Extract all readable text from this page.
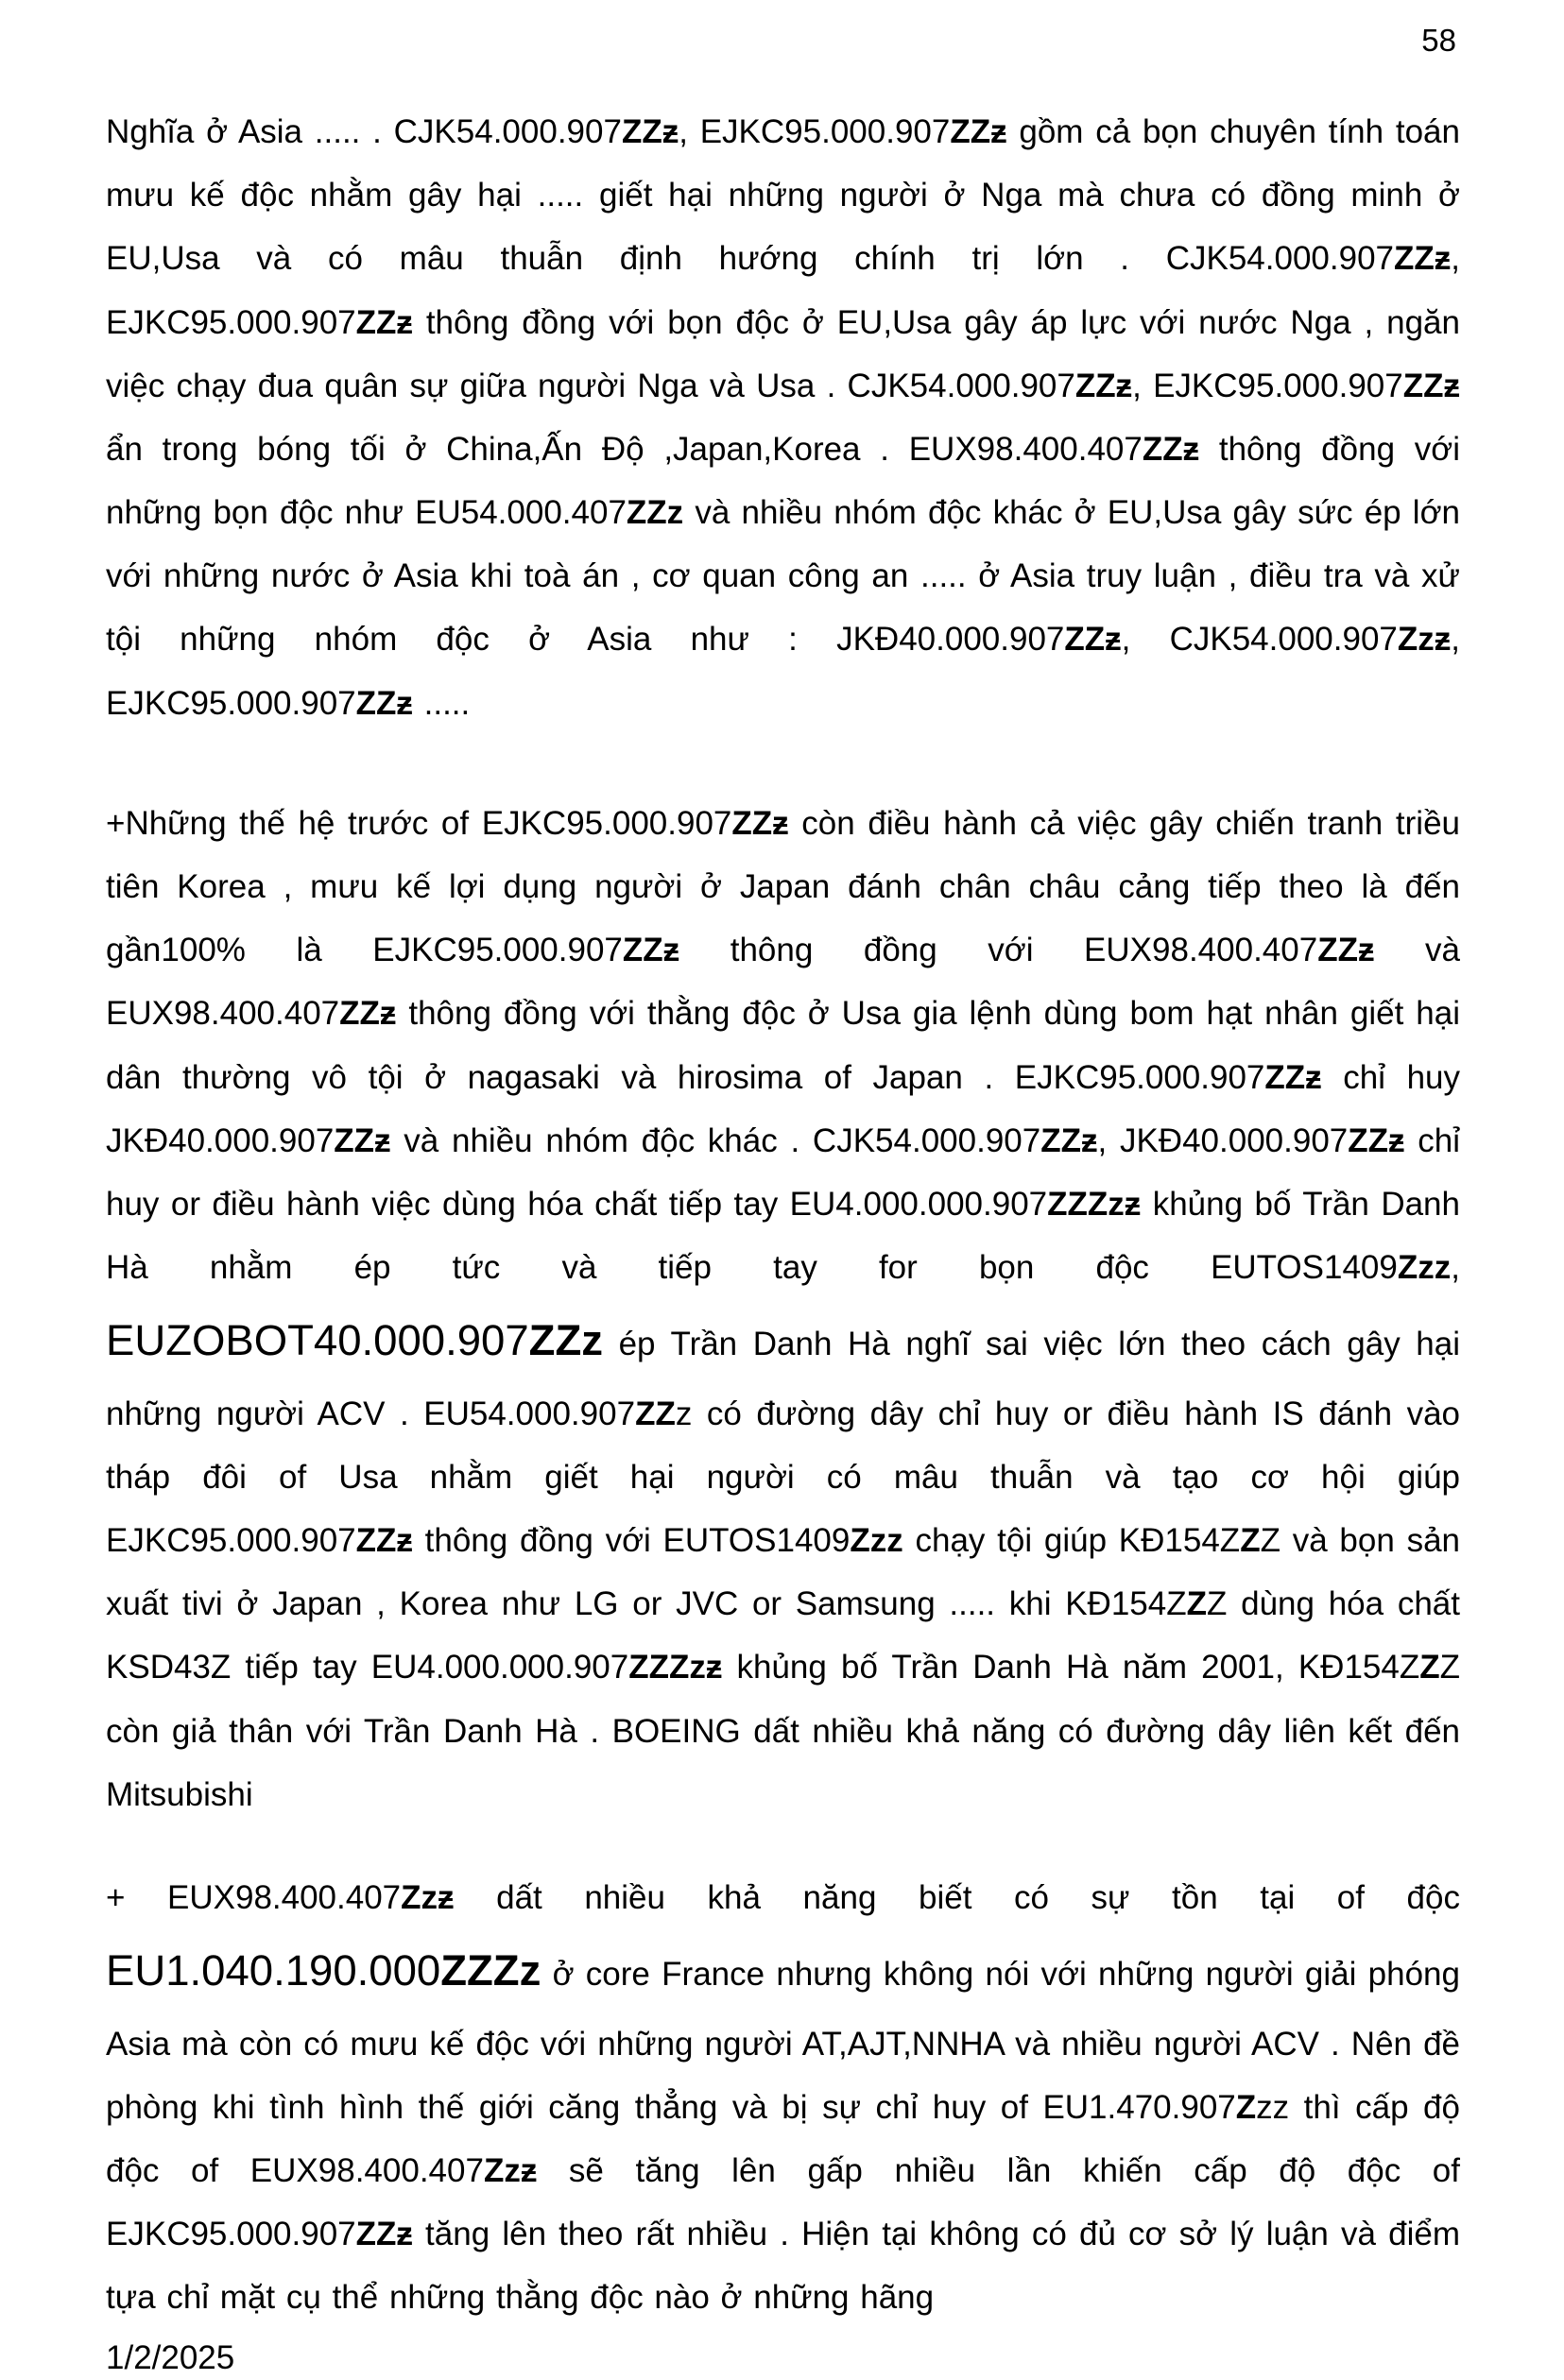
58

Nghĩa ở Asia ..... . CJK54.000.907ZZƶ, EJKC95.000.907ZZƶ gồm cả bọn chuyên tính toán mưu kế độc nhằm gây hại ..... giết hại những người ở Nga mà chưa có đồng minh ở EU,Usa và có mâu thuẫn định hướng chính trị lớn . CJK54.000.907ZZƶ, EJKC95.000.907ZZƶ thông đồng với bọn độc ở EU,Usa gây áp lực với nước Nga , ngăn việc chạy đua quân sự giữa người Nga và Usa . CJK54.000.907ZZƶ, EJKC95.000.907ZZƶ ẩn trong bóng tối ở China,Ấn Độ ,Japan,Korea . EUX98.400.407ZZƶ thông đồng với những bọn độc như EU54.000.407ZZz và nhiều nhóm độc khác ở EU,Usa gây sức ép lớn với những nước ở Asia khi toà án , cơ quan công an ..... ở Asia truy luận , điều tra và xử tội những nhóm độc ở Asia như : JKĐ40.000.907ZZƶ, CJK54.000.907Zzƶ, EJKC95.000.907ZZƶ .....

+Những thế hệ trước of EJKC95.000.907ZZƶ còn điều hành cả việc gây chiến tranh triều tiên Korea , mưu kế lợi dụng người ở Japan đánh chân châu cảng tiếp theo là đến gần100% là EJKC95.000.907ZZƶ thông đồng với EUX98.400.407ZZƶ và EUX98.400.407ZZƶ thông đồng với thằng độc ở Usa gia lệnh dùng bom hạt nhân giết hại dân thường vô tội ở nagasaki và hirosima of Japan . EJKC95.000.907ZZƶ chỉ huy JKĐ40.000.907ZZƶ và nhiều nhóm độc khác . CJK54.000.907ZZƶ, JKĐ40.000.907ZZƶ chỉ huy or điều hành việc dùng hóa chất tiếp tay EU4.000.000.907ZZZzƶ khủng bố Trần Danh Hà nhằm ép tức và tiếp tay for bọn độc EUTOS1409Zzz, EUZOBOT40.000.907ZZz ép Trần Danh Hà nghĩ sai việc lớn theo cách gây hại những người ACV . EU54.000.907ZZz có đường dây chỉ huy or điều hành IS đánh vào tháp đôi of Usa nhằm giết hại người có mâu thuẫn và tạo cơ hội giúp EJKC95.000.907ZZƶ thông đồng với EUTOS1409Zzz chạy tội giúp KĐ154ZZZ và bọn sản xuất tivi ở Japan , Korea như LG or JVC or Samsung ..... khi KĐ154ZZZ dùng hóa chất KSD43Z tiếp tay EU4.000.000.907ZZZzƶ khủng bố Trần Danh Hà năm 2001, KĐ154ZZZ còn giả thân với Trần Danh Hà . BOEING dất nhiều khả năng có đường dây liên kết đến Mitsubishi

+ EUX98.400.407Zzƶ dất nhiều khả năng biết có sự tồn tại of độc EU1.040.190.000ZZZz ở core France nhưng không nói với những người giải phóng Asia mà còn có mưu kế độc với những người AT,AJT,NNHA và nhiều người ACV . Nên đề phòng khi tình hình thế giới căng thẳng và bị sự chỉ huy of EU1.470.907Zzz thì cấp độ độc of EUX98.400.407Zzƶ sẽ tăng lên gấp nhiều lần khiến cấp độ độc of EJKC95.000.907ZZƶ tăng lên theo rất nhiều . Hiện tại không có đủ cơ sở lý luận và điểm tựa chỉ mặt cụ thể những thằng độc nào ở những hãng

1/2/2025
